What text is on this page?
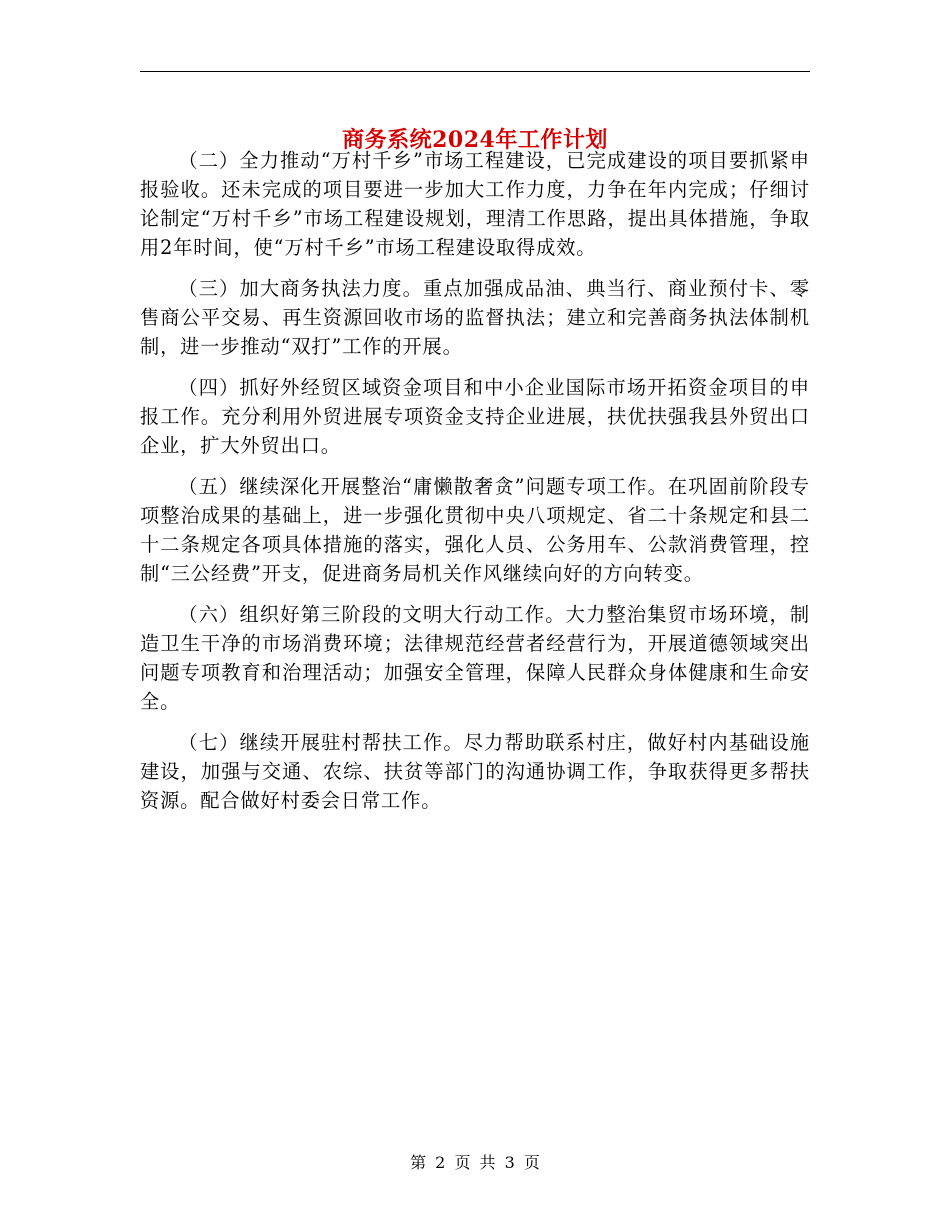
商务系统2024年工作计划

（二）全力推动“万村千乡”市场工程建设，已完成建设的项目要抓紧申报验收。还未完成的项目要进一步加大工作力度，力争在年内完成；仔细讨论制定“万村千乡”市场工程建设规划，理清工作思路，提出具体措施，争取用2年时间，使“万村千乡”市场工程建设取得成效。

（三）加大商务执法力度。重点加强成品油、典当行、商业预付卡、零售商公平交易、再生资源回收市场的监督执法；建立和完善商务执法体制机制，进一步推动“双打”工作的开展。

（四）抓好外经贸区域资金项目和中小企业国际市场开拓资金项目的申报工作。充分利用外贸进展专项资金支持企业进展，扶优扶强我县外贸出口企业，扩大外贸出口。

（五）继续深化开展整治“庸懒散奢贪”问题专项工作。在巩固前阶段专项整治成果的基础上，进一步强化贯彻中央八项规定、省二十条规定和县二十二条规定各项具体措施的落实，强化人员、公务用车、公款消费管理，控制“三公经费”开支，促进商务局机关作风继续向好的方向转变。

（六）组织好第三阶段的文明大行动工作。大力整治集贸市场环境，制造卫生干净的市场消费环境；法律规范经营者经营行为，开展道德领域突出问题专项教育和治理活动；加强安全管理，保障人民群众身体健康和生命安全。

（七）继续开展驻村帮扶工作。尽力帮助联系村庄，做好村内基础设施建设，加强与交通、农综、扶贫等部门的沟通协调工作，争取获得更多帮扶资源。配合做好村委会日常工作。

第 2 页 共 3 页
